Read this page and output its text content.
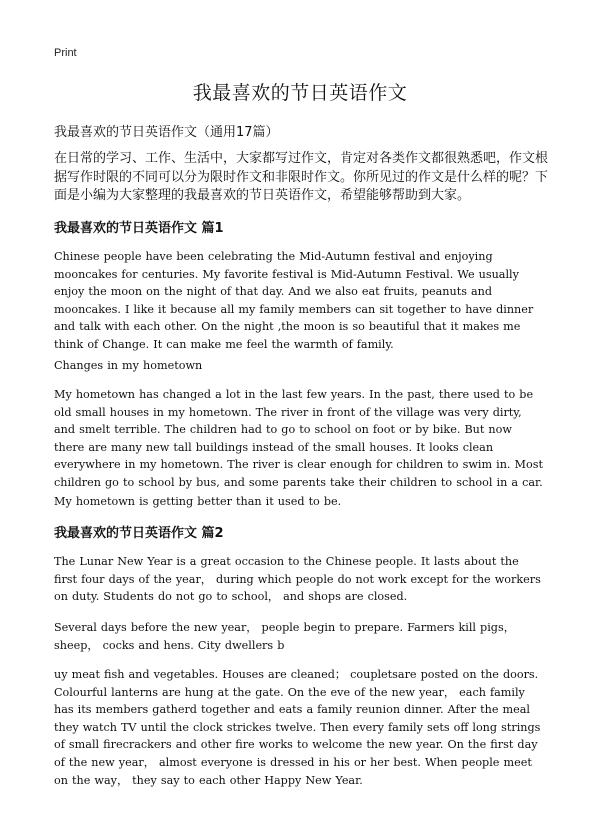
Print
我最喜欢的节日英语作文
我最喜欢的节日英语作文（通用17篇）

在日常的学习、工作、生活中，大家都写过作文，肯定对各类作文都很熟悉吧，作文根据写作时限的不同可以分为限时作文和非限时作文。你所见过的作文是什么样的呢？下面是小编为大家整理的我最喜欢的节日英语作文，希望能够帮助到大家。

我最喜欢的节日英语作文 篇1

Chinese people have been celebrating the Mid-Autumn festival and enjoying mooncakes for centuries. My favorite festival is Mid-Autumn Festival. We usually enjoy the moon on the night of that day. And we also eat fruits, peanuts and mooncakes. I like it because all my family members can sit together to have dinner and talk with each other. On the night ,the moon is so beautiful that it makes me think of Change. It can make me feel the warmth of family.

Changes in my hometown

My hometown has changed a lot in the last few years. In the past, there used to be old small houses in my hometown. The river in front of the village was very dirty, and smelt terrible. The children had to go to school on foot or by bike. But now there are many new tall buildings instead of the small houses. It looks clean everywhere in my hometown. The river is clear enough for children to swim in. Most children go to school by bus, and some parents take their children to school in a car.

My hometown is getting better than it used to be.

我最喜欢的节日英语作文 篇2

The Lunar New Year is a great occasion to the Chinese people. It lasts about the first four days of the year， during which people do not work except for the workers on duty. Students do not go to school， and shops are closed.

Several days before the new year， people begin to prepare. Farmers kill pigs， sheep， cocks and hens. City dwellers b

uy meat fish and vegetables. Houses are cleaned； coupletsare posted on the doors. Colourful lanterns are hung at the gate. On the eve of the new year， each family has its members gatherd together and eats a family reunion dinner. After the meal they watch TV until the clock strickes twelve. Then every family sets off long strings of small firecrackers and other fire works to welcome the new year. On the first day of the new year， almost everyone is dressed in his or her best. When people meet on the way， they say to each other Happy New Year.
